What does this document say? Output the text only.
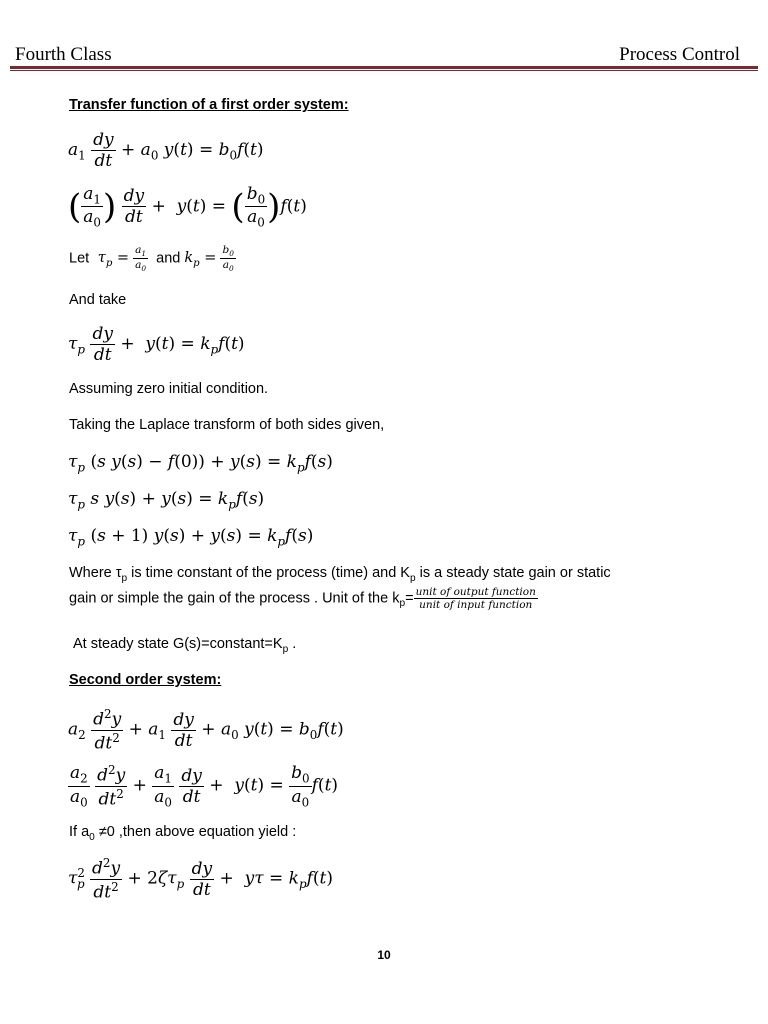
Fourth Class	Process Control
Transfer function of a first order system:
$a_1 \frac{dy}{dt} + a_0$ $y(t) = b_0f(t)$
( $\frac{a_1}{a_0}$ ) $\frac{dy}{dt} + y(t)$ = ( $\frac{b_0}{a_0} )f(t)$
Let  $\tau_p = \frac{a_1}{a_0}$ and $k_p = \frac{b_0}{a_0}$
And take
$\tau_p \frac{dy}{dt} + y(t) = k_pf(t)$
Assuming zero initial condition.
Taking the Laplace transform of both sides given,
$\tau_p$ (s $y(s) - f(0)) + y(s) = k_pf(s)$
$\tau_p$ s $y(s) + y(s) = k_pf(s)$
$\tau_p$ (s + 1) $y(s) + y(s) = k_pf(s)$
Where $\tau_p$ is time constant of the process (time) and $K_p$ is a steady state gain or static
gain or simple the gain of the process . Unit of the $k_p= \frac{\text{unit of output function}}{\text{unit of input function}}$
At steady state $G(s)=constant=K_p$ .
Second order system:
$a_2 \frac{d^2y}{dt^2} + a_1 \frac{dy}{dt} + a_0$ $y(t) = b_0f(t)$
$\frac{a_2}{a_0}$
$\frac{d^2y}{dt^2} + \frac{a_1}{a_0}$
$\frac{dy}{dt} + y(t) = \frac{b_0}{a_0} f(t)$
If $a_0 \ne 0$ ,then above equation yield :
$\tau^2_p \frac{d^2y}{dt^2} + 2\zeta\tau_p \frac{dy}{dt} + y\tau = k_pf(t)$
10
